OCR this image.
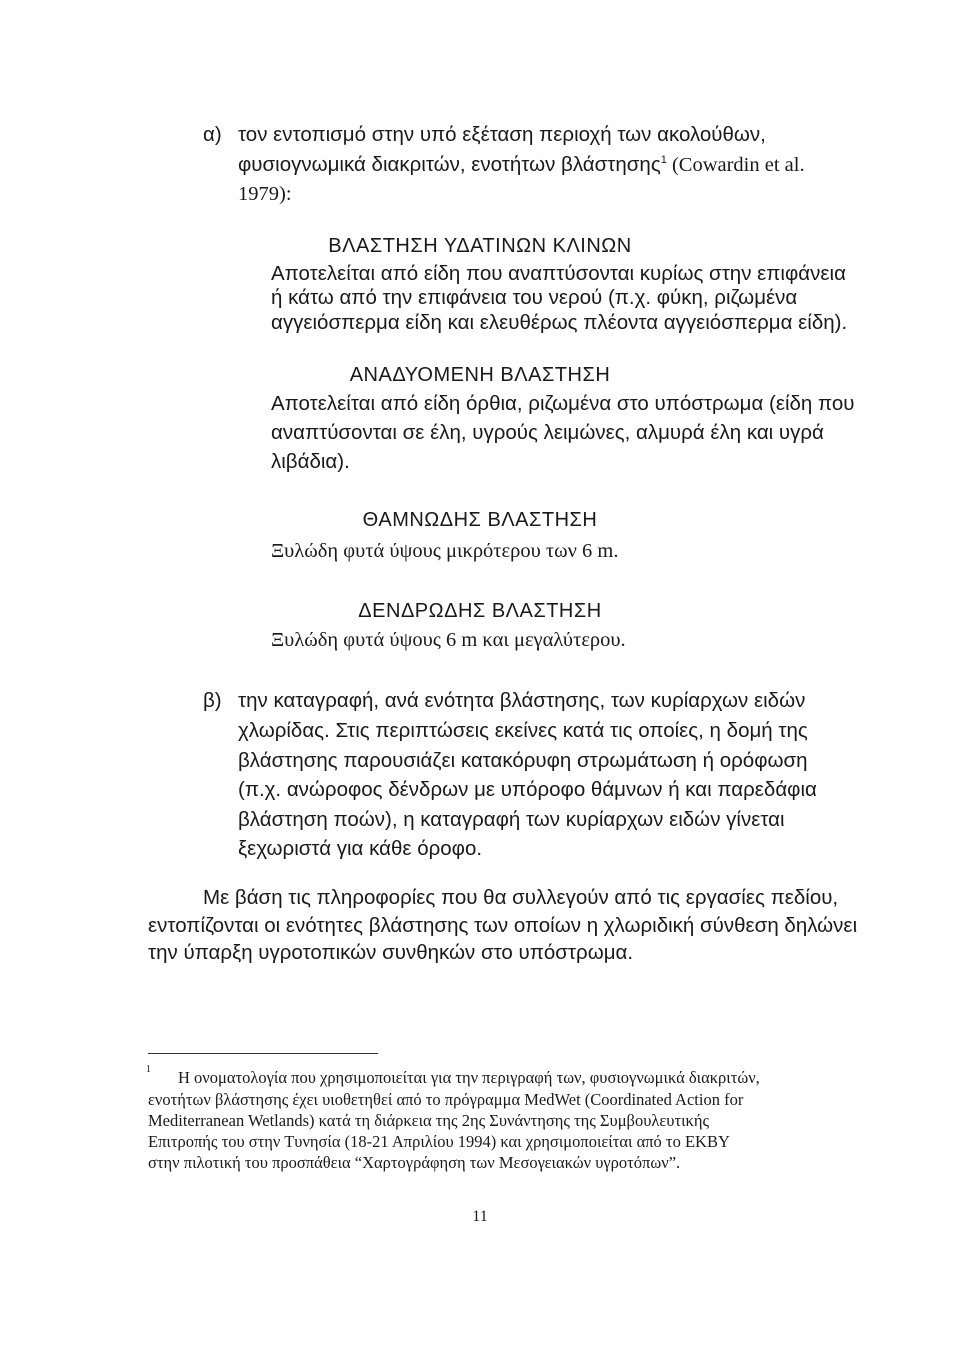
α) τον εντοπισμό στην υπό εξέταση περιοχή των ακολούθων,
φυσιογνωμικά διακριτών, ενοτήτων βλάστησης$^1$ (Cowardin et al.
1979):
ΒΛΑΣΤΗΣΗ ΥΔΑΤΙΝΩΝ ΚΛΙΝΩΝ
Αποτελείται από είδη που αναπτύσονται κυρίως στην επιφάνεια
ή κάτω από την επιφάνεια του νερού (π.χ. φύκη, ριζωμένα
αγγειόσπερμα είδη και ελευθέρως πλέοντα αγγειόσπερμα είδη).
ΑΝΑΔΥΟΜΕΝΗ ΒΛΑΣΤΗΣΗ
Αποτελείται από είδη όρθια, ριζωμένα στο υπόστρωμα (είδη που
αναπτύσονται σε έλη, υγρούς λειμώνες, αλμυρά έλη και υγρά
λιβάδια).
ΘΑΜΝΩΔΗΣ ΒΛΑΣΤΗΣΗ
Ξυλώδη φυτά ύψους μικρότερου των 6 m.
ΔΕΝΔΡΩΔΗΣ ΒΛΑΣΤΗΣΗ
Ξυλώδη φυτά ύψους 6 m και μεγαλύτερου.
β) την καταγραφή, ανά ενότητα βλάστησης, των κυρίαρχων ειδών
χλωρίδας. Στις περιπτώσεις εκείνες κατά τις οποίες, η δομή της
βλάστησης παρουσιάζει κατακόρυφη στρωμάτωση ή ορόφωση
(π.χ. ανώροφος δένδρων με υπόροφο θάμνων ή και παρεδάφια
βλάστηση ποών), η καταγραφή των κυρίαρχων ειδών γίνεται
ξεχωριστά για κάθε όροφο.
Με βάση τις πληροφορίες που θα συλλεγούν από τις εργασίες πεδίου,
εντοπίζονται οι ενότητες βλάστησης των οποίων η χλωριδική σύνθεση δηλώνει
την ύπαρξη υγροτοπικών συνθηκών στο υπόστρωμα.
1 Η ονοματολογία που χρησιμοποιείται για την περιγραφή των, φυσιογνωμικά διακριτών,
ενοτήτων βλάστησης έχει υιοθετηθεί από το πρόγραμμα MedWet (Coordinated Action for
Mediterranean Wetlands) κατά τη διάρκεια της 2ης Συνάντησης της Συμβουλευτικής
Επιτροπής του στην Τυνησία (18-21 Απριλίου 1994) και χρησιμοποιείται από το ΕΚΒΥ
στην πιλοτική του προσπάθεια “Χαρτογράφηση των Μεσογειακών υγροτόπων”.
11
